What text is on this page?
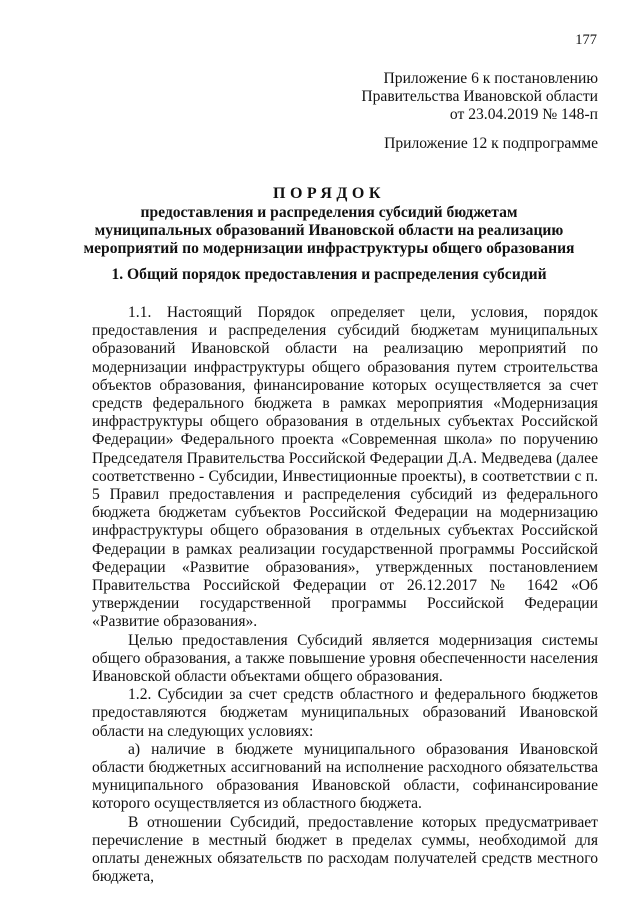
177
Приложение 6 к постановлению
Правительства Ивановской области
от 23.04.2019 № 148-п
Приложение 12 к подпрограмме
ПОРЯДОК
предоставления и распределения субсидий бюджетам
муниципальных образований Ивановской области на реализацию
мероприятий по модернизации инфраструктуры общего образования
1. Общий порядок предоставления и распределения субсидий

1.1. Настоящий Порядок определяет цели, условия, порядок предоставления и распределения субсидий бюджетам муниципальных образований Ивановской области на реализацию мероприятий по модернизации инфраструктуры общего образования путем строительства объектов образования, финансирование которых осуществляется за счет средств федерального бюджета в рамках мероприятия «Модернизация инфраструктуры общего образования в отдельных субъектах Российской Федерации» Федерального проекта «Современная школа» по поручению Председателя Правительства Российской Федерации Д.А. Медведева (далее соответственно - Субсидии, Инвестиционные проекты), в соответствии с п. 5 Правил предоставления и распределения субсидий из федерального бюджета бюджетам субъектов Российской Федерации на модернизацию инфраструктуры общего образования в отдельных субъектах Российской Федерации в рамках реализации государственной программы Российской Федерации «Развитие образования», утвержденных постановлением Правительства Российской Федерации от 26.12.2017 № 1642 «Об утверждении государственной программы Российской Федерации «Развитие образования».

Целью предоставления Субсидий является модернизация системы общего образования, а также повышение уровня обеспеченности населения Ивановской области объектами общего образования.

1.2. Субсидии за счет средств областного и федерального бюджетов предоставляются бюджетам муниципальных образований Ивановской области на следующих условиях:

а) наличие в бюджете муниципального образования Ивановской области бюджетных ассигнований на исполнение расходного обязательства муниципального образования Ивановской области, софинансирование которого осуществляется из областного бюджета.

В отношении Субсидий, предоставление которых предусматривает перечисление в местный бюджет в пределах суммы, необходимой для оплаты денежных обязательств по расходам получателей средств местного бюджета,
